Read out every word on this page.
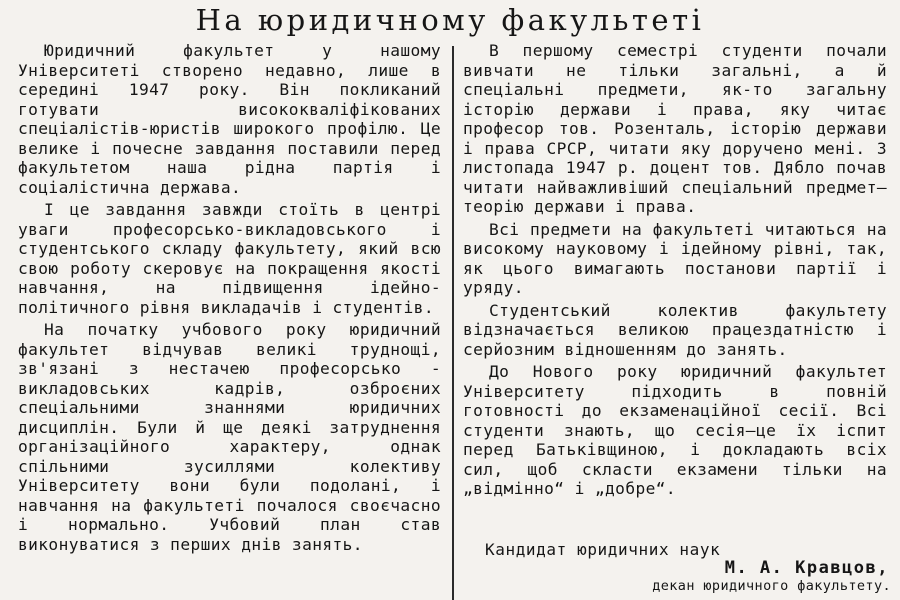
На юридичному факультеті

Юридичний факультет у нашому Університеті створено недавно, лише в середині 1947 року. Він покликаний готувати висококваліфікованих спеціалістів-юристів широкого профілю. Це велике і почесне завдання поставили перед факультетом наша рідна партія і соціалістична держава.

І це завдання завжди стоїть в центрі уваги професорсько-викладовського і студентського складу факультету, який всю свою роботу скеровує на покращення якості навчання, на підвищення ідейно-політичного рівня викладачів і студентів.

На початку учбового року юридичний факультет відчував великі труднощі, зв'язані з нестачею професорсько - викладовських кадрів, озброєних спеціальними знаннями юридичних дисциплін. Були й ще деякі затруднення організаційного характеру, однак спільними зусиллями колективу Університету вони були подолані, і навчання на факультеті почалося своєчасно і нормально. Учбовий план став виконуватися з перших днів занять.

В першому семестрі студенти почали вивчати не тільки загальні, а й спеціальні предмети, як-то загальну історію держави і права, яку читає професор тов. Розенталь, історію держави і права СРСР, читати яку доручено мені. З листопада 1947 р. доцент тов. Дябло почав читати найважливіший спеціальний предмет—теорію держави і права.

Всі предмети на факультеті читаються на високому науковому і ідейному рівні, так, як цього вимагають постанови партії і уряду.

Студентський колектив факультету відзначається великою працездатністю і серйозним відношенням до занять.

До Нового року юридичний факультет Університету підходить в повній готовності до екзаменаційної сесії. Всі студенти знають, що сесія—це їх іспит перед Батьківщиною, і докладають всіх сил, щоб скласти екзамени тільки на „відмінно“ і „добре“.

Кандидат юридичних наук
М. А. Кравцов,
декан юридичного факультету.
